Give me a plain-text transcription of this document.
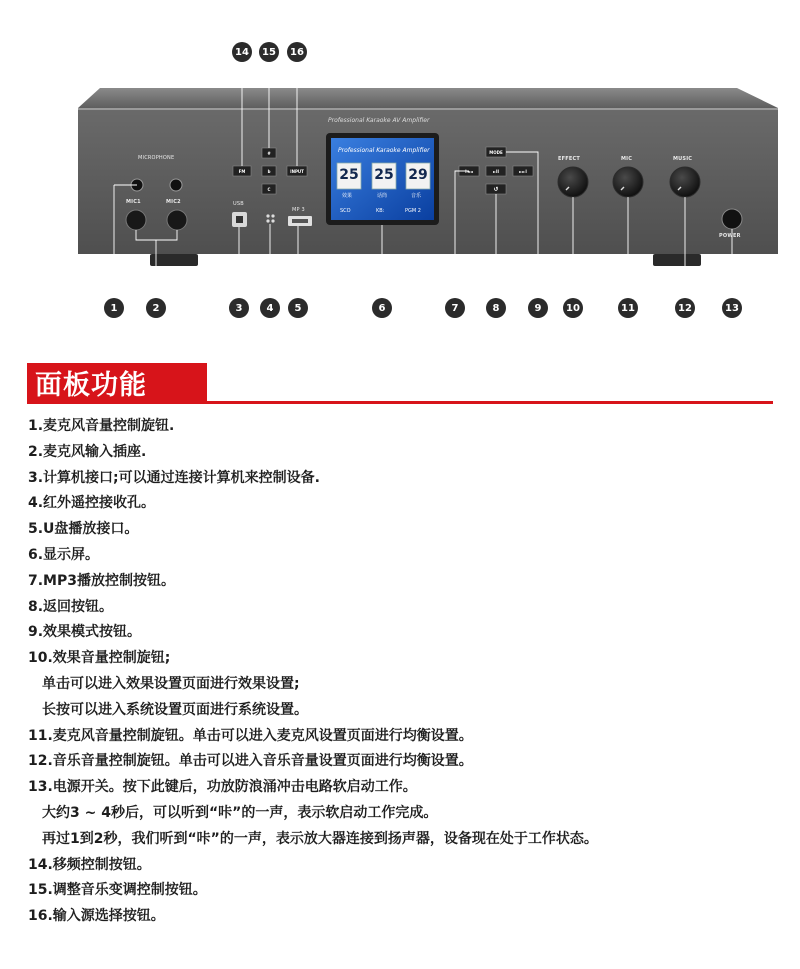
Professional Karaoke AV Amplifier
MICROPHONE
MIC1	MIC2	USB
MP 3
FM
#
b
C
INPUT
MODE
I◄◄	►II	►►I
↺
EFFECT	MIC	MUSIC
POWER
Professional Karaoke Amplifier
25 25 29
效果	话筒	音乐
SCO	KB:	PGM 2
1	2	3	4	5	6	7	8	9	10	11	12	13
14	15	16
面板功能
1.麦克风音量控制旋钮.
2.麦克风输入插座.
3.计算机接口;可以通过连接计算机来控制设备.
4.红外遥控接收孔。
5.U盘播放接口。
6.显示屏。
7.MP3播放控制按钮。
8.返回按钮。
9.效果模式按钮。
10.效果音量控制旋钮;
单击可以进入效果设置页面进行效果设置;
长按可以进入系统设置页面进行系统设置。
11.麦克风音量控制旋钮。单击可以进入麦克风设置页面进行均衡设置。
12.音乐音量控制旋钮。单击可以进入音乐音量设置页面进行均衡设置。
13.电源开关。按下此键后，功放防浪涌冲击电路软启动工作。
大约3 ~ 4秒后，可以听到“咔”的一声，表示软启动工作完成。
再过1到2秒，我们听到“咔”的一声，表示放大器连接到扬声器，设备现在处于工作状态。
14.移频控制按钮。
15.调整音乐变调控制按钮。
16.输入源选择按钮。
